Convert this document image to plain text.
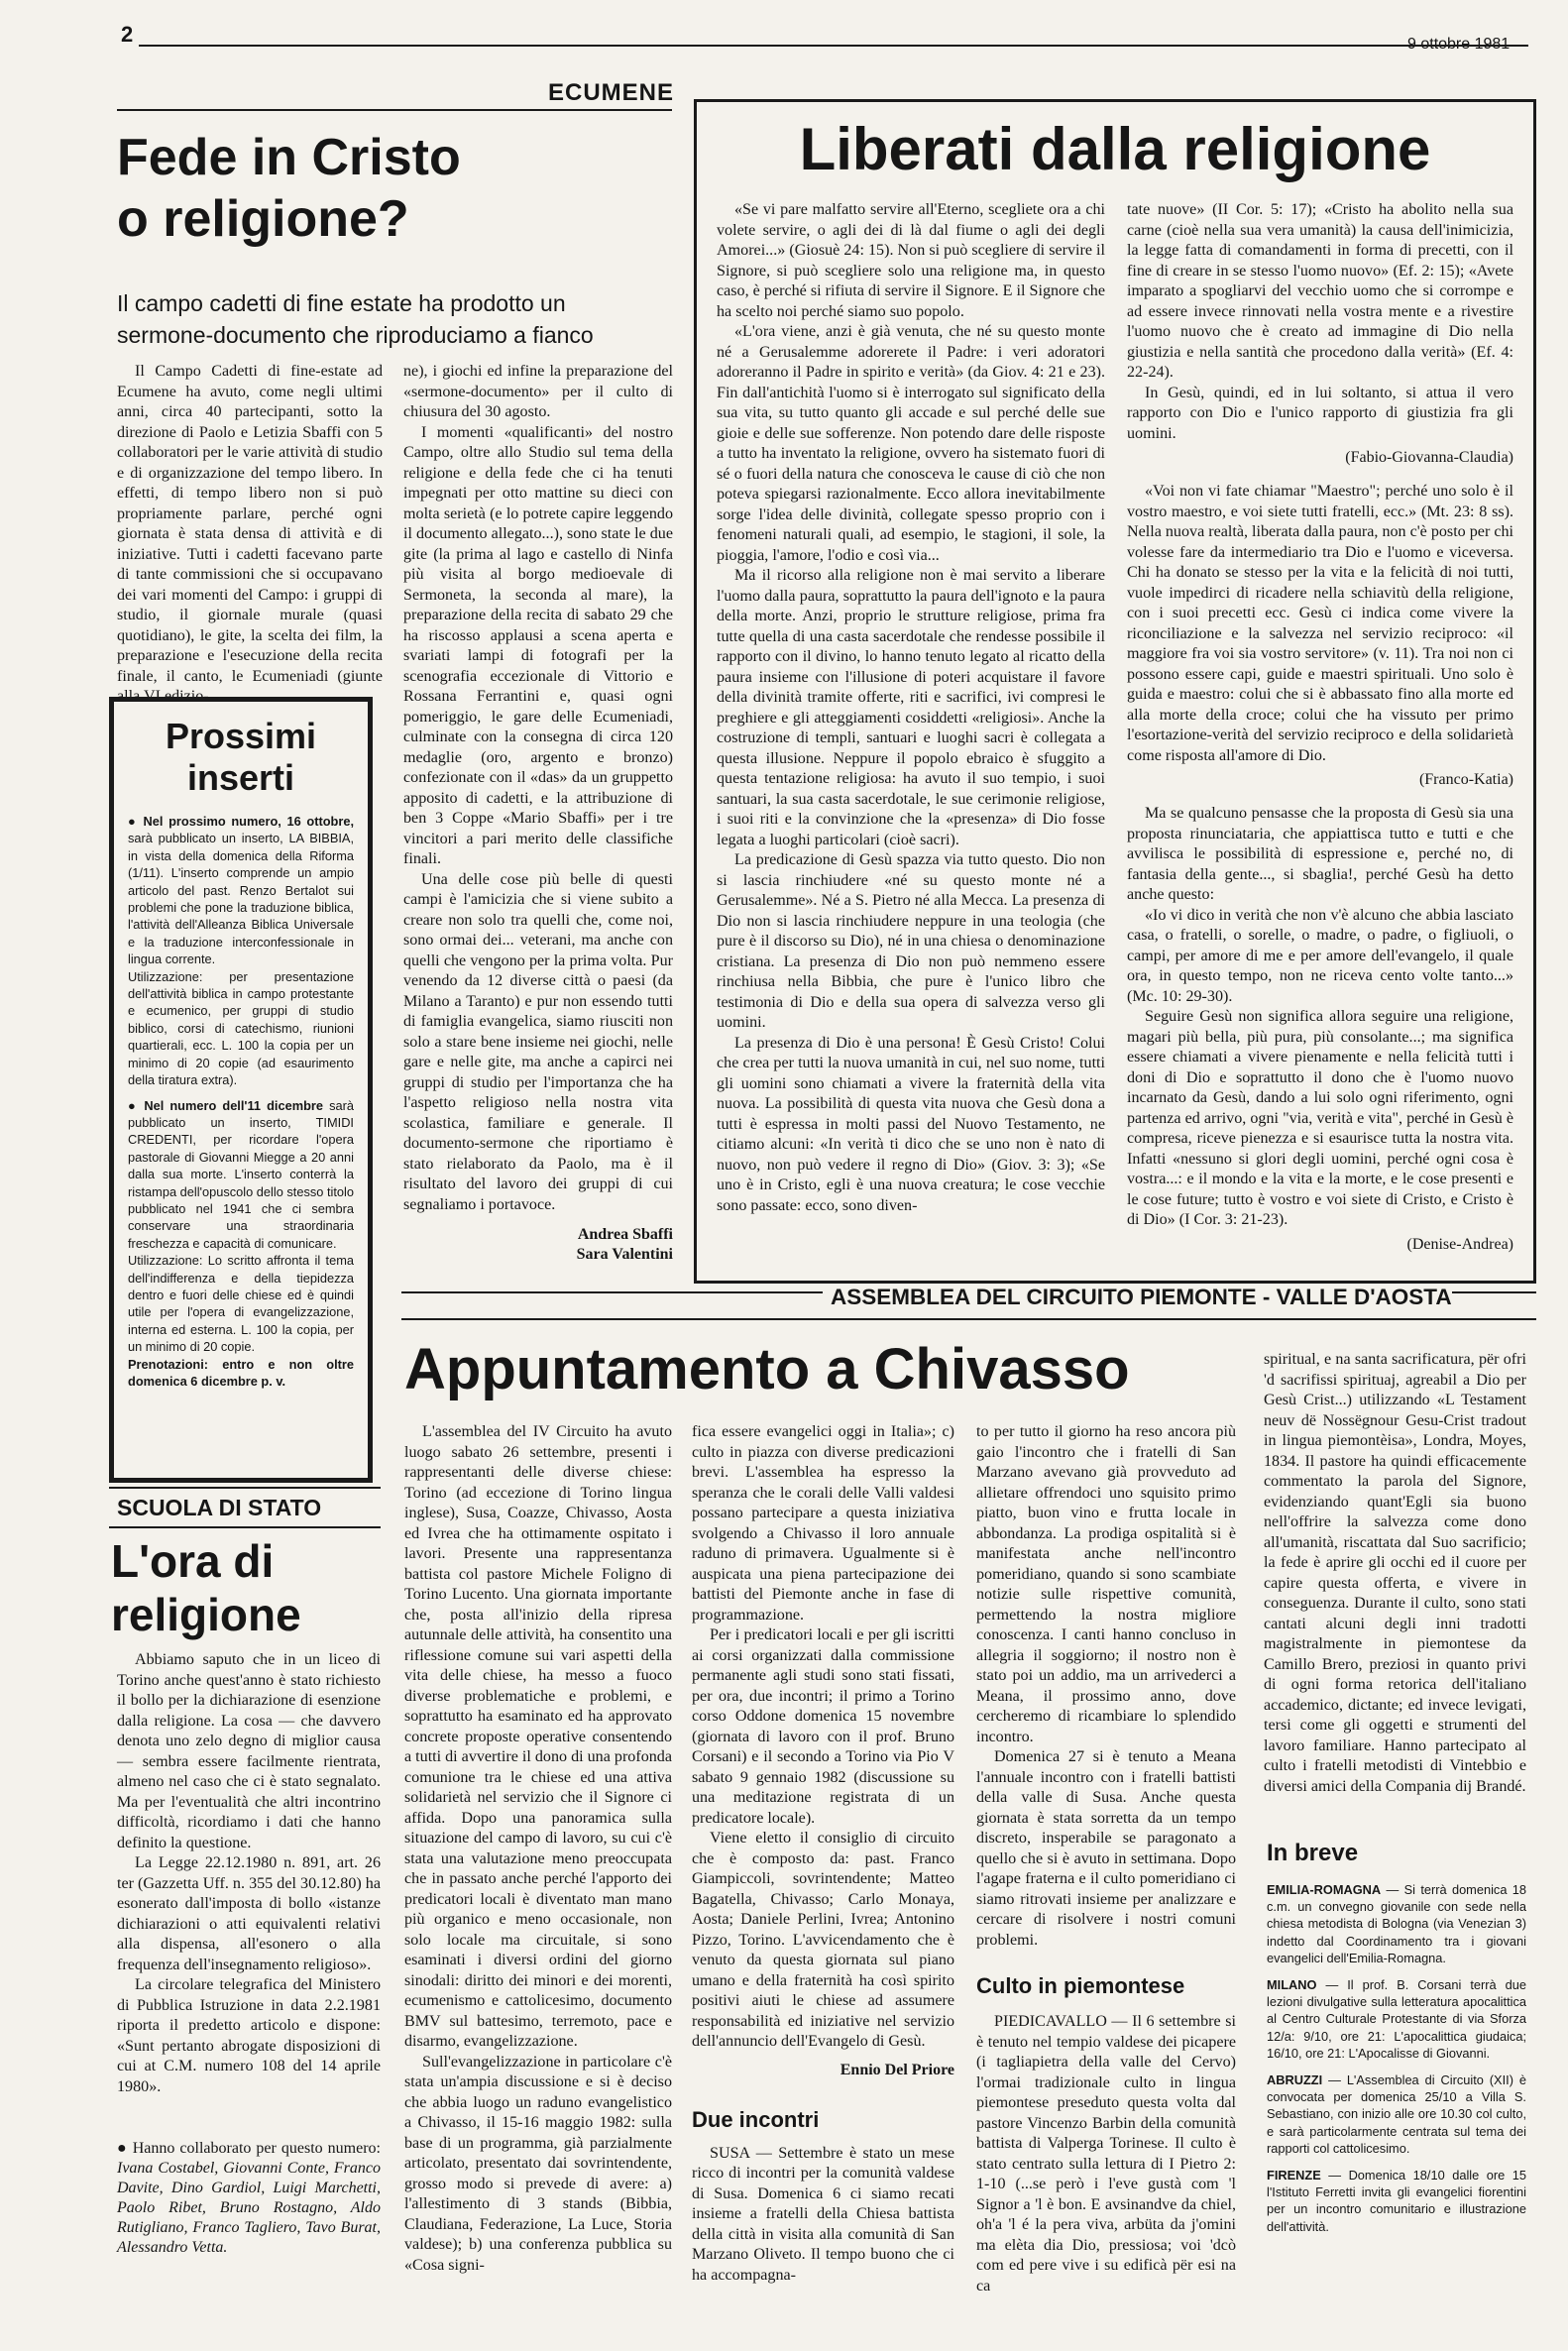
2
ECUMENE
Fede in Cristo
o religione?
Il campo cadetti di fine estate ha prodotto un
sermone-documento che riproduciamo a fianco

Il Campo Cadetti di fine-estate ad Ecumene ha avuto, come negli ultimi anni, circa 40 partecipanti, sotto la direzione di Paolo e Letizia Sbaffi con 5 collaboratori per le varie attività di studio e di organizzazione del tempo libero. In effetti, di tempo libero non si può propriamente parlare, perché ogni giornata è stata densa di attività e di iniziative. Tutti i cadetti facevano parte di tante commissioni che si occupavano dei vari momenti del Campo: i gruppi di studio, il giornale murale (quasi quotidiano), le gite, la scelta dei film, la preparazione e l'esecuzione della recita finale, il canto, le Ecumeniadi (giunte alla VI edizio-

ne), i giochi ed infine la preparazione del «sermone-documento» per il culto di chiusura del 30 agosto.

I momenti «qualificanti» del nostro Campo, oltre allo Studio sul tema della religione e della fede che ci ha tenuti impegnati per otto mattine su dieci con molta serietà (e lo potrete capire leggendo il documento allegato...), sono state le due gite (la prima al lago e castello di Ninfa più visita al borgo medioevale di Sermoneta, la seconda al mare), la preparazione della recita di sabato 29 che ha riscosso applausi a scena aperta e svariati lampi di fotografi per la scenografia eccezionale di Vittorio e Rossana Ferrantini e, quasi ogni pomeriggio, le gare delle Ecumeniadi, culminate con la consegna di circa 120 medaglie (oro, argento e bronzo) confezionate con il «das» da un gruppetto apposito di cadetti, e la attribuzione di ben 3 Coppe «Mario Sbaffi» per i tre vincitori a pari merito delle classifiche finali.

Una delle cose più belle di questi campi è l'amicizia che si viene subito a creare non solo tra quelli che, come noi, sono ormai dei... veterani, ma anche con quelli che vengono per la prima volta. Pur venendo da 12 diverse città o paesi (da Milano a Taranto) e pur non essendo tutti di famiglia evangelica, siamo riusciti non solo a stare bene insieme nei giochi, nelle gare e nelle gite, ma anche a capirci nei gruppi di studio per l'importanza che ha l'aspetto religioso nella nostra vita scolastica, familiare e generale. Il documento-sermone che riportiamo è stato rielaborato da Paolo, ma è il risultato del lavoro dei gruppi di cui segnaliamo i portavoce.

Andrea Sbaffi
Sara Valentini
Prossimi
inserti

● Nel prossimo numero, 16 ottobre, sarà pubblicato un inserto, LA BIBBIA, in vista della domenica della Riforma (1/11). L'inserto comprende un ampio articolo del past. Renzo Bertalot sui problemi che pone la traduzione biblica, l'attività dell'Alleanza Biblica Universale e la traduzione interconfessionale in lingua corrente.

Utilizzazione: per presentazione dell'attività biblica in campo protestante e ecumenico, per gruppi di studio biblico, corsi di catechismo, riunioni quartierali, ecc. L. 100 la copia per un minimo di 20 copie (ad esaurimento della tiratura extra).

● Nel numero dell'11 dicembre sarà pubblicato un inserto, TIMIDI CREDENTI, per ricordare l'opera pastorale di Giovanni Miegge a 20 anni dalla sua morte. L'inserto conterrà la ristampa dell'opuscolo dello stesso titolo pubblicato nel 1941 che ci sembra conservare una straordinaria freschezza e capacità di comunicare.

Utilizzazione: Lo scritto affronta il tema dell'indifferenza e della tiepidezza dentro e fuori delle chiese ed è quindi utile per l'opera di evangelizzazione, interna ed esterna. L. 100 la copia, per un minimo di 20 copie.

Prenotazioni: entro e non oltre domenica 6 dicembre p. v.

SCUOLA DI STATO
L'ora di
religione

Abbiamo saputo che in un liceo di Torino anche quest'anno è stato richiesto il bollo per la dichiarazione di esenzione dalla religione. La cosa — che davvero denota uno zelo degno di miglior causa — sembra essere facilmente rientrata, almeno nel caso che ci è stato segnalato. Ma per l'eventualità che altri incontrino difficoltà, ricordiamo i dati che hanno definito la questione.

La Legge 22.12.1980 n. 891, art. 26 ter (Gazzetta Uff. n. 355 del 30.12.80) ha esonerato dall'imposta di bollo «istanze dichiarazioni o atti equivalenti relativi alla dispensa, all'esonero o alla frequenza dell'insegnamento religioso».

La circolare telegrafica del Ministero di Pubblica Istruzione in data 2.2.1981 riporta il predetto articolo e dispone: «Sunt pertanto abrogate disposizioni di cui at C.M. numero 108 del 14 aprile 1980».

● Hanno collaborato per questo numero: Ivana Costabel, Giovanni Conte, Franco Davite, Dino Gardiol, Luigi Marchetti, Paolo Ribet, Bruno Rostagno, Aldo Rutigliano, Franco Tagliero, Tavo Burat, Alessandro Vetta.
Liberati dalla religione

«Se vi pare malfatto servire all'Eterno, scegliete ora a chi volete servire, o agli dei di là dal fiume o agli dei degli Amorei...» (Giosuè 24: 15). Non si può scegliere di servire il Signore, si può scegliere solo una religione ma, in questo caso, è perché si rifiuta di servire il Signore. E il Signore che ha scelto noi perché siamo suo popolo.

«L'ora viene, anzi è già venuta, che né su questo monte né a Gerusalemme adorerete il Padre: i veri adoratori adoreranno il Padre in spirito e verità» (da Giov. 4: 21 e 23). Fin dall'antichità l'uomo si è interrogato sul significato della sua vita, su tutto quanto gli accade e sul perché delle sue gioie e delle sue sofferenze. Non potendo dare delle risposte a tutto ha inventato la religione, ovvero ha sistemato fuori di sé o fuori della natura che conosceva le cause di ciò che non poteva spiegarsi razionalmente. Ecco allora inevitabilmente sorge l'idea delle divinità, collegate spesso proprio con i fenomeni naturali quali, ad esempio, le stagioni, il sole, la pioggia, l'amore, l'odio e così via...

Ma il ricorso alla religione non è mai servito a liberare l'uomo dalla paura, soprattutto la paura dell'ignoto e la paura della morte. Anzi, proprio le strutture religiose, prima fra tutte quella di una casta sacerdotale che rendesse possibile il rapporto con il divino, lo hanno tenuto legato al ricatto della paura insieme con l'illusione di poteri acquistare il favore della divinità tramite offerte, riti e sacrifici, ivi compresi le preghiere e gli atteggiamenti cosiddetti «religiosi». Anche la costruzione di templi, santuari e luoghi sacri è collegata a questa illusione. Neppure il popolo ebraico è sfuggito a questa tentazione religiosa: ha avuto il suo tempio, i suoi santuari, la sua casta sacerdotale, le sue cerimonie religiose, i suoi riti e la convinzione che la «presenza» di Dio fosse legata a luoghi particolari (cioè sacri).

La predicazione di Gesù spazza via tutto questo. Dio non si lascia rinchiudere «né su questo monte né a Gerusalemme». Né a S. Pietro né alla Mecca. La presenza di Dio non si lascia rinchiudere neppure in una teologia (che pure è il discorso su Dio), né in una chiesa o denominazione cristiana. La presenza di Dio non può nemmeno essere rinchiusa nella Bibbia, che pure è l'unico libro che testimonia di Dio e della sua opera di salvezza verso gli uomini.

La presenza di Dio è una persona! È Gesù Cristo! Colui che crea per tutti la nuova umanità in cui, nel suo nome, tutti gli uomini sono chiamati a vivere la fraternità della vita nuova. La possibilità di questa vita nuova che Gesù dona a tutti è espressa in molti passi del Nuovo Testamento, ne citiamo alcuni: «In verità ti dico che se uno non è nato di nuovo, non può vedere il regno di Dio» (Giov. 3: 3); «Se uno è in Cristo, egli è una nuova creatura; le cose vecchie sono passate: ecco, sono diven-

tate nuove» (II Cor. 5: 17); «Cristo ha abolito nella sua carne (cioè nella sua vera umanità) la causa dell'inimicizia, la legge fatta di comandamenti in forma di precetti, con il fine di creare in se stesso l'uomo nuovo» (Ef. 2: 15); «Avete imparato a spogliarvi del vecchio uomo che si corrompe e ad essere invece rinnovati nella vostra mente e a rivestire l'uomo nuovo che è creato ad immagine di Dio nella giustizia e nella santità che procedono dalla verità» (Ef. 4: 22-24).

In Gesù, quindi, ed in lui soltanto, si attua il vero rapporto con Dio e l'unico rapporto di giustizia fra gli uomini.

(Fabio-Giovanna-Claudia)

«Voi non vi fate chiamar "Maestro"; perché uno solo è il vostro maestro, e voi siete tutti fratelli, ecc.» (Mt. 23: 8 ss). Nella nuova realtà, liberata dalla paura, non c'è posto per chi volesse fare da intermediario tra Dio e l'uomo e viceversa. Chi ha donato se stesso per la vita e la felicità di noi tutti, vuole impedirci di ricadere nella schiavitù della religione, con i suoi precetti ecc. Gesù ci indica come vivere la riconciliazione e la salvezza nel servizio reciproco: «il maggiore fra voi sia vostro servitore» (v. 11). Tra noi non ci possono essere capi, guide e maestri spirituali. Uno solo è guida e maestro: colui che si è abbassato fino alla morte ed alla morte della croce; colui che ha vissuto per primo l'esortazione-verità del servizio reciproco e della solidarietà come risposta all'amore di Dio.

(Franco-Katia)

Ma se qualcuno pensasse che la proposta di Gesù sia una proposta rinunciataria, che appiattisca tutto e tutti e che avvilisca le possibilità di espressione e, perché no, di fantasia della gente..., si sbaglia!, perché Gesù ha detto anche questo:

«Io vi dico in verità che non v'è alcuno che abbia lasciato casa, o fratelli, o sorelle, o madre, o padre, o figliuoli, o campi, per amore di me e per amore dell'evangelo, il quale ora, in questo tempo, non ne riceva cento volte tanto...» (Mc. 10: 29-30).

Seguire Gesù non significa allora seguire una religione, magari più bella, più pura, più consolante...; ma significa essere chiamati a vivere pienamente e nella felicità tutti i doni di Dio e soprattutto il dono che è l'uomo nuovo incarnato da Gesù, dando a lui solo ogni riferimento, ogni partenza ed arrivo, ogni "via, verità e vita", perché in Gesù è compresa, riceve pienezza e si esaurisce tutta la nostra vita. Infatti «nessuno si glori degli uomini, perché ogni cosa è vostra...: e il mondo e la vita e la morte, e le cose presenti e le cose future; tutto è vostro e voi siete di Cristo, e Cristo è di Dio» (I Cor. 3: 21-23).

(Denise-Andrea)
ASSEMBLEA DEL CIRCUITO PIEMONTE - VALLE D'AOSTA
Appuntamento a Chivasso

L'assemblea del IV Circuito ha avuto luogo sabato 26 settembre, presenti i rappresentanti delle diverse chiese: Torino (ad eccezione di Torino lingua inglese), Susa, Coazze, Chivasso, Aosta ed Ivrea che ha ottimamente ospitato i lavori. Presente una rappresentanza battista col pastore Michele Foligno di Torino Lucento. Una giornata importante che, posta all'inizio della ripresa autunnale delle attività, ha consentito una riflessione comune sui vari aspetti della vita delle chiese, ha messo a fuoco diverse problematiche e problemi, e soprattutto ha esaminato ed ha approvato concrete proposte operative consentendo a tutti di avvertire il dono di una profonda comunione tra le chiese ed una attiva solidarietà nel servizio che il Signore ci affida. Dopo una panoramica sulla situazione del campo di lavoro, su cui c'è stata una valutazione meno preoccupata che in passato anche perché l'apporto dei predicatori locali è diventato man mano più organico e meno occasionale, non solo locale ma circuitale, si sono esaminati i diversi ordini del giorno sinodali: diritto dei minori e dei morenti, ecumenismo e cattolicesimo, documento BMV sul battesimo, terremoto, pace e disarmo, evangelizzazione.

Sull'evangelizzazione in particolare c'è stata un'ampia discussione e si è deciso che abbia luogo un raduno evangelistico a Chivasso, il 15-16 maggio 1982: sulla base di un programma, già parzialmente articolato, presentato dai sovrintendente, grosso modo si prevede di avere: a) l'allestimento di 3 stands (Bibbia, Claudiana, Federazione, La Luce, Storia valdese); b) una conferenza pubblica su «Cosa signi-

fica essere evangelici oggi in Italia»; c) culto in piazza con diverse predicazioni brevi. L'assemblea ha espresso la speranza che le corali delle Valli valdesi possano partecipare a questa iniziativa svolgendo a Chivasso il loro annuale raduno di primavera. Ugualmente si è auspicata una piena partecipazione dei battisti del Piemonte anche in fase di programmazione.

Per i predicatori locali e per gli iscritti ai corsi organizzati dalla commissione permanente agli studi sono stati fissati, per ora, due incontri; il primo a Torino corso Oddone domenica 15 novembre (giornata di lavoro con il prof. Bruno Corsani) e il secondo a Torino via Pio V sabato 9 gennaio 1982 (discussione su una meditazione registrata di un predicatore locale).

Viene eletto il consiglio di circuito che è composto da: past. Franco Giampiccoli, sovrintendente; Matteo Bagatella, Chivasso; Carlo Monaya, Aosta; Daniele Perlini, Ivrea; Antonino Pizzo, Torino. L'avvicendamento che è venuto da questa giornata sul piano umano e della fraternità ha così spirito positivi aiuti le chiese ad assumere responsabilità ed iniziative nel servizio dell'annuncio dell'Evangelo di Gesù.

Ennio Del Priore
Due incontri

SUSA — Settembre è stato un mese ricco di incontri per la comunità valdese di Susa. Domenica 6 ci siamo recati insieme a fratelli della Chiesa battista della città in visita alla comunità di San Marzano Oliveto. Il tempo buono che ci ha accompagna-

to per tutto il giorno ha reso ancora più gaio l'incontro che i fratelli di San Marzano avevano già provveduto ad allietare offrendoci uno squisito primo piatto, buon vino e frutta locale in abbondanza. La prodiga ospitalità si è manifestata anche nell'incontro pomeridiano, quando si sono scambiate notizie sulle rispettive comunità, permettendo la nostra migliore conoscenza. I canti hanno concluso in allegria il soggiorno; il nostro non è stato poi un addio, ma un arrivederci a Meana, il prossimo anno, dove cercheremo di ricambiare lo splendido incontro.

Domenica 27 si è tenuto a Meana l'annuale incontro con i fratelli battisti della valle di Susa. Anche questa giornata è stata sorretta da un tempo discreto, insperabile se paragonato a quello che si è avuto in settimana. Dopo l'agape fraterna e il culto pomeridiano ci siamo ritrovati insieme per analizzare e cercare di risolvere i nostri comuni problemi.

Culto in piemontese

PIEDICAVALLO — Il 6 settembre si è tenuto nel tempio valdese dei picapere (i tagliapietra della valle del Cervo) l'ormai tradizionale culto in lingua piemontese preseduto questa volta dal pastore Vincenzo Barbin della comunità battista di Valperga Torinese. Il culto è stato centrato sulla lettura di I Pietro 2: 1-10 (...se però i l'eve gustà com 'l Signor a 'l è bon. E avsinandve da chiel, oh'a 'l é la pera viva, arbüta da j'omini ma elèta dia Dio, pressiosa; voi 'dcò com ed pere vive i su edificà për esi na ca

spiritual, e na santa sacrificatura, për ofri 'd sacrifissi spirituaj, agreabil a Dio per Gesù Crist...) utilizzando «L Testament neuv dë Nossëgnour Gesu-Crist tradout in lingua piemontèisa», Londra, Moyes, 1834. Il pastore ha quindi efficacemente commentato la parola del Signore, evidenziando quant'Egli sia buono nell'offrire la salvezza come dono all'umanità, riscattata dal Suo sacrificio; la fede è aprire gli occhi ed il cuore per capire questa offerta, e vivere in conseguenza. Durante il culto, sono stati cantati alcuni degli inni tradotti magistralmente in piemontese da Camillo Brero, preziosi in quanto privi di ogni forma retorica dell'italiano accademico, dictante; ed invece levigati, tersi come gli oggetti e strumenti del lavoro familiare. Hanno partecipato al culto i fratelli metodisti di Vintebbio e diversi amici della Compania dij Brandé.

In breve

EMILIA-ROMAGNA — Si terrà domenica 18 c.m. un convegno giovanile con sede nella chiesa metodista di Bologna (via Venezian 3) indetto dal Coordinamento tra i giovani evangelici dell'Emilia-Romagna.

MILANO — Il prof. B. Corsani terrà due lezioni divulgative sulla letteratura apocalittica al Centro Culturale Protestante di via Sforza 12/a: 9/10, ore 21: L'apocalittica giudaica; 16/10, ore 21: L'Apocalisse di Giovanni.

ABRUZZI — L'Assemblea di Circuito (XII) è convocata per domenica 25/10 a Villa S. Sebastiano, con inizio alle ore 10.30 col culto, e sarà particolarmente centrata sul tema dei rapporti col cattolicesimo.

FIRENZE — Domenica 18/10 dalle ore 15 l'Istituto Ferretti invita gli evangelici fiorentini per un incontro comunitario e illustrazione dell'attività.
